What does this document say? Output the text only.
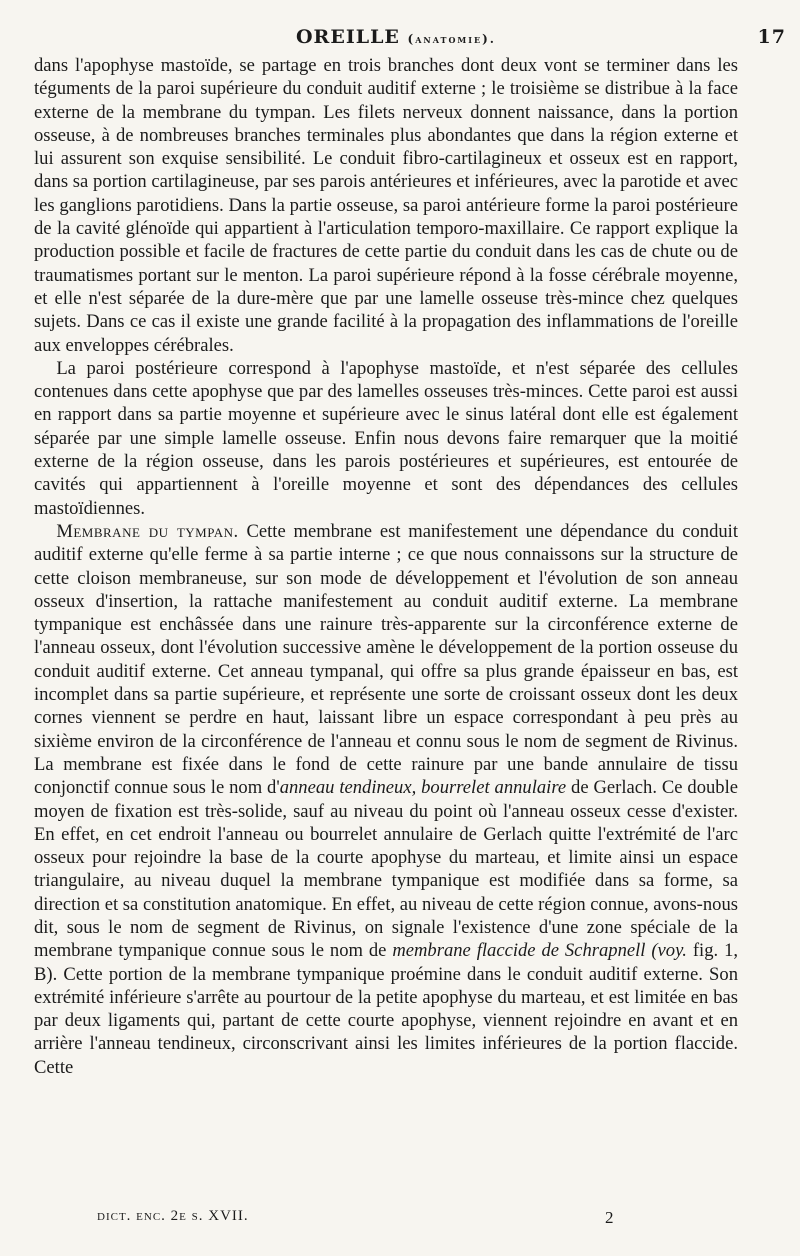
OREILLE (anatomie).	17

dans l'apophyse mastoïde, se partage en trois branches dont deux vont se terminer dans les téguments de la paroi supérieure du conduit auditif externe ; le troisième se distribue à la face externe de la membrane du tympan. Les filets nerveux donnent naissance, dans la portion osseuse, à de nombreuses branches terminales plus abondantes que dans la région externe et lui assurent son exquise sensibilité. Le conduit fibro-cartilagineux et osseux est en rapport, dans sa portion cartilagineuse, par ses parois antérieures et inférieures, avec la parotide et avec les ganglions parotidiens. Dans la partie osseuse, sa paroi antérieure forme la paroi postérieure de la cavité glénoïde qui appartient à l'articulation temporo-maxillaire. Ce rapport explique la production possible et facile de fractures de cette partie du conduit dans les cas de chute ou de traumatismes portant sur le menton. La paroi supérieure répond à la fosse cérébrale moyenne, et elle n'est séparée de la dure-mère que par une lamelle osseuse très-mince chez quelques sujets. Dans ce cas il existe une grande facilité à la propagation des inflammations de l'oreille aux enveloppes cérébrales.

La paroi postérieure correspond à l'apophyse mastoïde, et n'est séparée des cellules contenues dans cette apophyse que par des lamelles osseuses très-minces. Cette paroi est aussi en rapport dans sa partie moyenne et supérieure avec le sinus latéral dont elle est également séparée par une simple lamelle osseuse. Enfin nous devons faire remarquer que la moitié externe de la région osseuse, dans les parois postérieures et supérieures, est entourée de cavités qui appartiennent à l'oreille moyenne et sont des dépendances des cellules mastoïdiennes.

Membrane du tympan. Cette membrane est manifestement une dépendance du conduit auditif externe qu'elle ferme à sa partie interne ; ce que nous connaissons sur la structure de cette cloison membraneuse, sur son mode de développement et l'évolution de son anneau osseux d'insertion, la rattache manifestement au conduit auditif externe. La membrane tympanique est enchâssée dans une rainure très-apparente sur la circonférence externe de l'anneau osseux, dont l'évolution successive amène le développement de la portion osseuse du conduit auditif externe. Cet anneau tympanal, qui offre sa plus grande épaisseur en bas, est incomplet dans sa partie supérieure, et représente une sorte de croissant osseux dont les deux cornes viennent se perdre en haut, laissant libre un espace correspondant à peu près au sixième environ de la circonférence de l'anneau et connu sous le nom de segment de Rivinus. La membrane est fixée dans le fond de cette rainure par une bande annulaire de tissu conjonctif connue sous le nom d'anneau tendineux, bourrelet annulaire de Gerlach. Ce double moyen de fixation est très-solide, sauf au niveau du point où l'anneau osseux cesse d'exister. En effet, en cet endroit l'anneau ou bourrelet annulaire de Gerlach quitte l'extrémité de l'arc osseux pour rejoindre la base de la courte apophyse du marteau, et limite ainsi un espace triangulaire, au niveau duquel la membrane tympanique est modifiée dans sa forme, sa direction et sa constitution anatomique. En effet, au niveau de cette région connue, avons-nous dit, sous le nom de segment de Rivinus, on signale l'existence d'une zone spéciale de la membrane tympanique connue sous le nom de membrane flaccide de Schrapnell (voy. fig. 1, B). Cette portion de la membrane tympanique proémine dans le conduit auditif externe. Son extrémité inférieure s'arrête au pourtour de la petite apophyse du marteau, et est limitée en bas par deux ligaments qui, partant de cette courte apophyse, viennent rejoindre en avant et en arrière l'anneau tendineux, circonscrivant ainsi les limites inférieures de la portion flaccide. Cette

dict. enc. 2e s. XVII.	2
